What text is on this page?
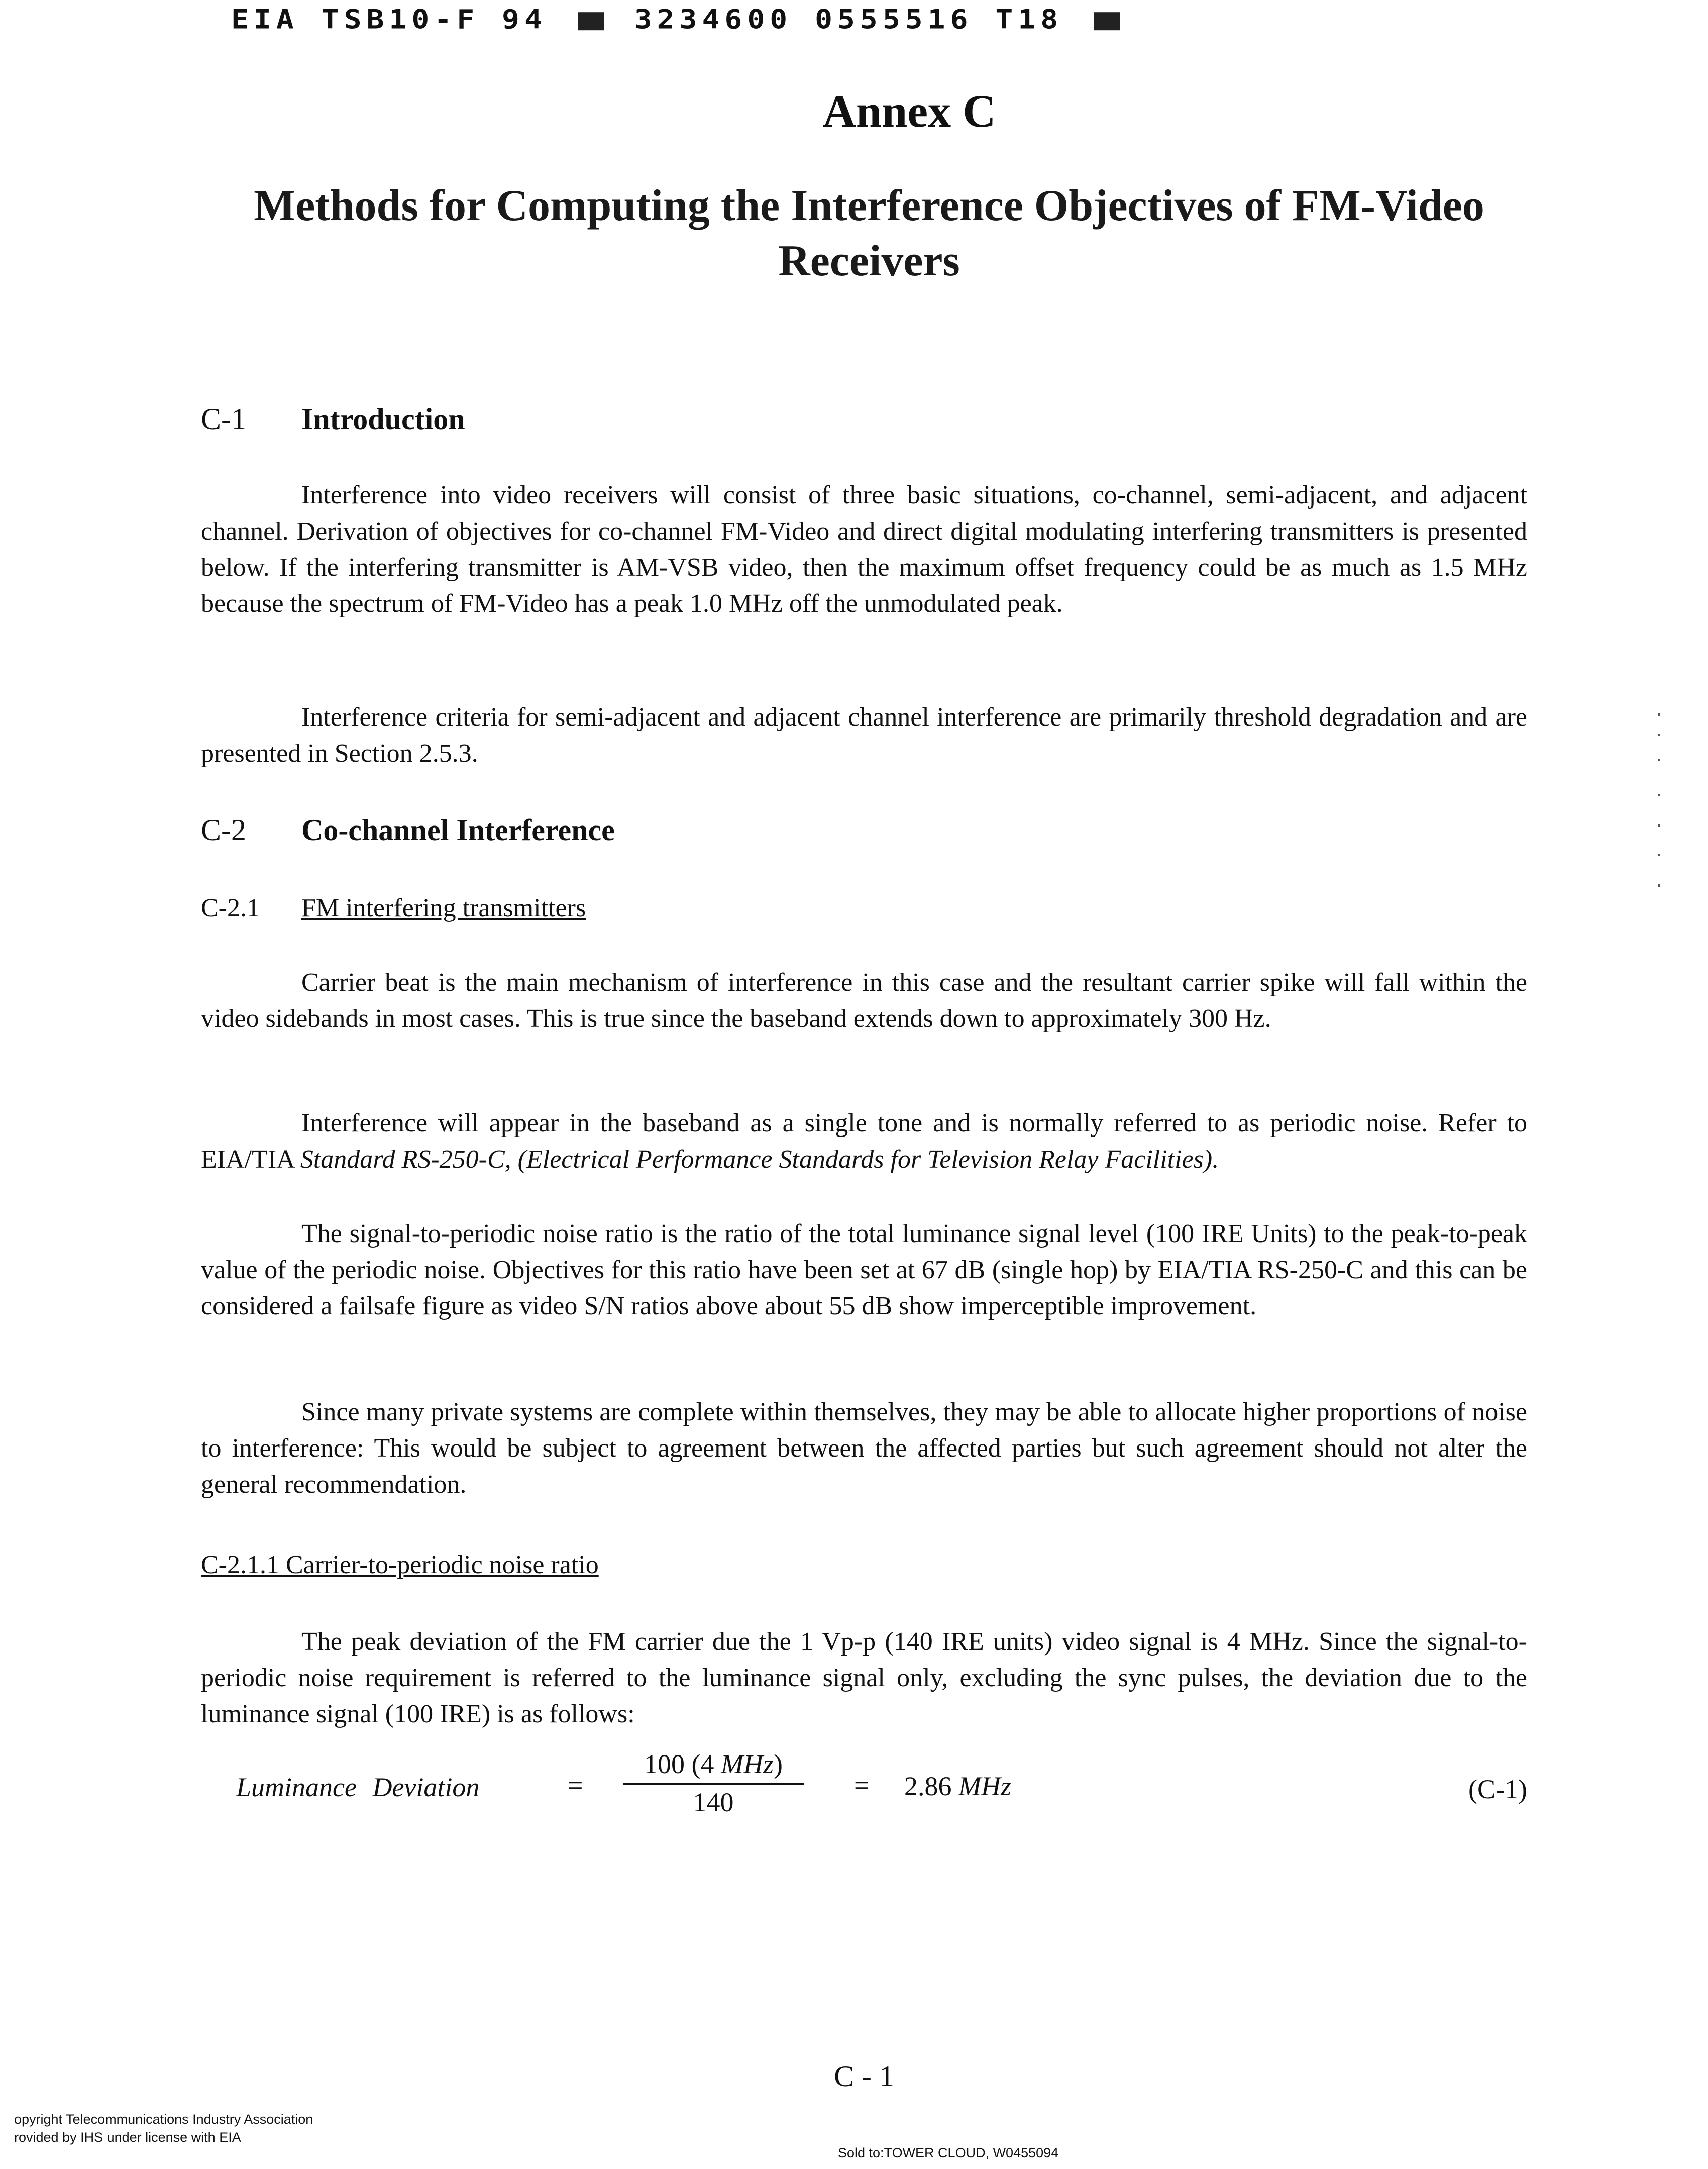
EIA TSB10-F 94	3234600 0555516 T18
Annex C
Methods for Computing the Interference Objectives of FM-Video
Receivers
C-1 Introduction
Interference into video receivers will consist of three basic situations, co-channel, semi-adjacent, and adjacent channel. Derivation of objectives for co-channel FM-Video and direct digital modulating interfering transmitters is presented below. If the interfering transmitter is AM-VSB video, then the maximum offset frequency could be as much as 1.5 MHz because the spectrum of FM-Video has a peak 1.0 MHz off the unmodulated peak.
Interference criteria for semi-adjacent and adjacent channel interference are primarily threshold degradation and are presented in Section 2.5.3.
C-2 Co-channel Interference
C-2.1 FM interfering transmitters
Carrier beat is the main mechanism of interference in this case and the resultant carrier spike will fall within the video sidebands in most cases. This is true since the baseband extends down to approximately 300 Hz.
Interference will appear in the baseband as a single tone and is normally referred to as periodic noise. Refer to EIA/TIA Standard RS-250-C, (Electrical Performance Standards for Television Relay Facilities).
The signal-to-periodic noise ratio is the ratio of the total luminance signal level (100 IRE Units) to the peak-to-peak value of the periodic noise. Objectives for this ratio have been set at 67 dB (single hop) by EIA/TIA RS-250-C and this can be considered a failsafe figure as video S/N ratios above about 55 dB show imperceptible improvement.
Since many private systems are complete within themselves, they may be able to allocate higher proportions of noise to interference: This would be subject to agreement between the affected parties but such agreement should not alter the general recommendation.
C-2.1.1 Carrier-to-periodic noise ratio
The peak deviation of the FM carrier due the 1 Vp-p (140 IRE units) video signal is 4 MHz. Since the signal-to-periodic noise requirement is referred to the luminance signal only, excluding the sync pulses, the deviation due to the luminance signal (100 IRE) is as follows:
Luminance Deviation	=
100 (4 MHz)
140
= 2.86 MHz	(C-1)
C - 1
opyright Telecommunications Industry Association
rovided by IHS under license with EIA
Sold to:TOWER CLOUD, W0455094
